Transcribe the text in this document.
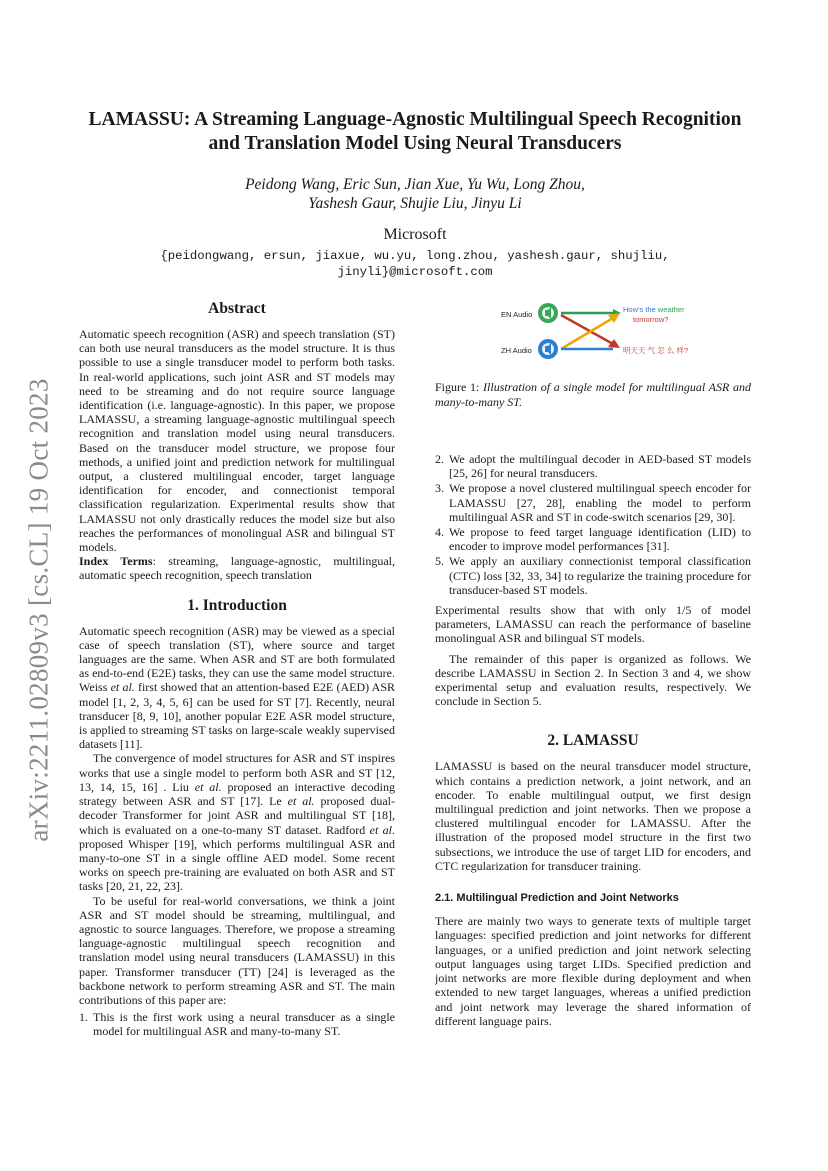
arXiv:2211.02809v3 [cs.CL] 19 Oct 2023
LAMASSU: A Streaming Language-Agnostic Multilingual Speech Recognition
and Translation Model Using Neural Transducers
Peidong Wang, Eric Sun, Jian Xue, Yu Wu, Long Zhou,
Yashesh Gaur, Shujie Liu, Jinyu Li
Microsoft
{peidongwang, ersun, jiaxue, wu.yu, long.zhou, yashesh.gaur, shujliu,
jinyli}@microsoft.com
Abstract

Automatic speech recognition (ASR) and speech translation (ST) can both use neural transducers as the model structure. It is thus possible to use a single transducer model to perform both tasks. In real-world applications, such joint ASR and ST models may need to be streaming and do not require source language identification (i.e. language-agnostic). In this paper, we propose LAMASSU, a streaming language-agnostic multilingual speech recognition and translation model using neural transducers. Based on the transducer model structure, we propose four methods, a unified joint and prediction network for multilingual output, a clustered multilingual encoder, target language identification for encoder, and connectionist temporal classification regularization. Experimental results show that LAMASSU not only drastically reduces the model size but also reaches the performances of monolingual ASR and bilingual ST models.

Index Terms: streaming, language-agnostic, multilingual, automatic speech recognition, speech translation

1. Introduction

Automatic speech recognition (ASR) may be viewed as a special case of speech translation (ST), where source and target languages are the same. When ASR and ST are both formulated as end-to-end (E2E) tasks, they can use the same model structure. Weiss et al. first showed that an attention-based E2E (AED) ASR model [1, 2, 3, 4, 5, 6] can be used for ST [7]. Recently, neural transducer [8, 9, 10], another popular E2E ASR model structure, is applied to streaming ST tasks on large-scale weakly supervised datasets [11].

The convergence of model structures for ASR and ST inspires works that use a single model to perform both ASR and ST [12, 13, 14, 15, 16] . Liu et al. proposed an interactive decoding strategy between ASR and ST [17]. Le et al. proposed dual-decoder Transformer for joint ASR and multilingual ST [18], which is evaluated on a one-to-many ST dataset. Radford et al. proposed Whisper [19], which performs multilingual ASR and many-to-one ST in a single offline AED model. Some recent works on speech pre-training are evaluated on both ASR and ST tasks [20, 21, 22, 23].

To be useful for real-world conversations, we think a joint ASR and ST model should be streaming, multilingual, and agnostic to source languages. Therefore, we propose a streaming language-agnostic multilingual speech recognition and translation model using neural transducers (LAMASSU) in this paper. Transformer transducer (TT) [24] is leveraged as the backbone network to perform streaming ASR and ST. The main contributions of this paper are:

1. This is the first work using a neural transducer as a single model for multilingual ASR and many-to-many ST.
EN Audio
ZH Audio
How's the weather
tomorrow?
明天天 气 怎 么 样?

Figure 1: Illustration of a single model for multilingual ASR and many-to-many ST.

2. We adopt the multilingual decoder in AED-based ST models [25, 26] for neural transducers.
3. We propose a novel clustered multilingual speech encoder for LAMASSU [27, 28], enabling the model to perform multilingual ASR and ST in code-switch scenarios [29, 30].
4. We propose to feed target language identification (LID) to encoder to improve model performances [31].
5. We apply an auxiliary connectionist temporal classification (CTC) loss [32, 33, 34] to regularize the training procedure for transducer-based ST models.

Experimental results show that with only 1/5 of model parameters, LAMASSU can reach the performance of baseline monolingual ASR and bilingual ST models.

The remainder of this paper is organized as follows. We describe LAMASSU in Section 2. In Section 3 and 4, we show experimental setup and evaluation results, respectively. We conclude in Section 5.

2. LAMASSU

LAMASSU is based on the neural transducer model structure, which contains a prediction network, a joint network, and an encoder. To enable multilingual output, we first design multilingual prediction and joint networks. Then we propose a clustered multilingual encoder for LAMASSU. After the illustration of the proposed model structure in the first two subsections, we introduce the use of target LID for encoders, and CTC regularization for transducer training.

2.1. Multilingual Prediction and Joint Networks

There are mainly two ways to generate texts of multiple target languages: specified prediction and joint networks for different languages, or a unified prediction and joint network selecting output languages using target LIDs. Specified prediction and joint networks are more flexible during deployment and when extended to new target languages, whereas a unified prediction and joint network may leverage the shared information of different language pairs.
